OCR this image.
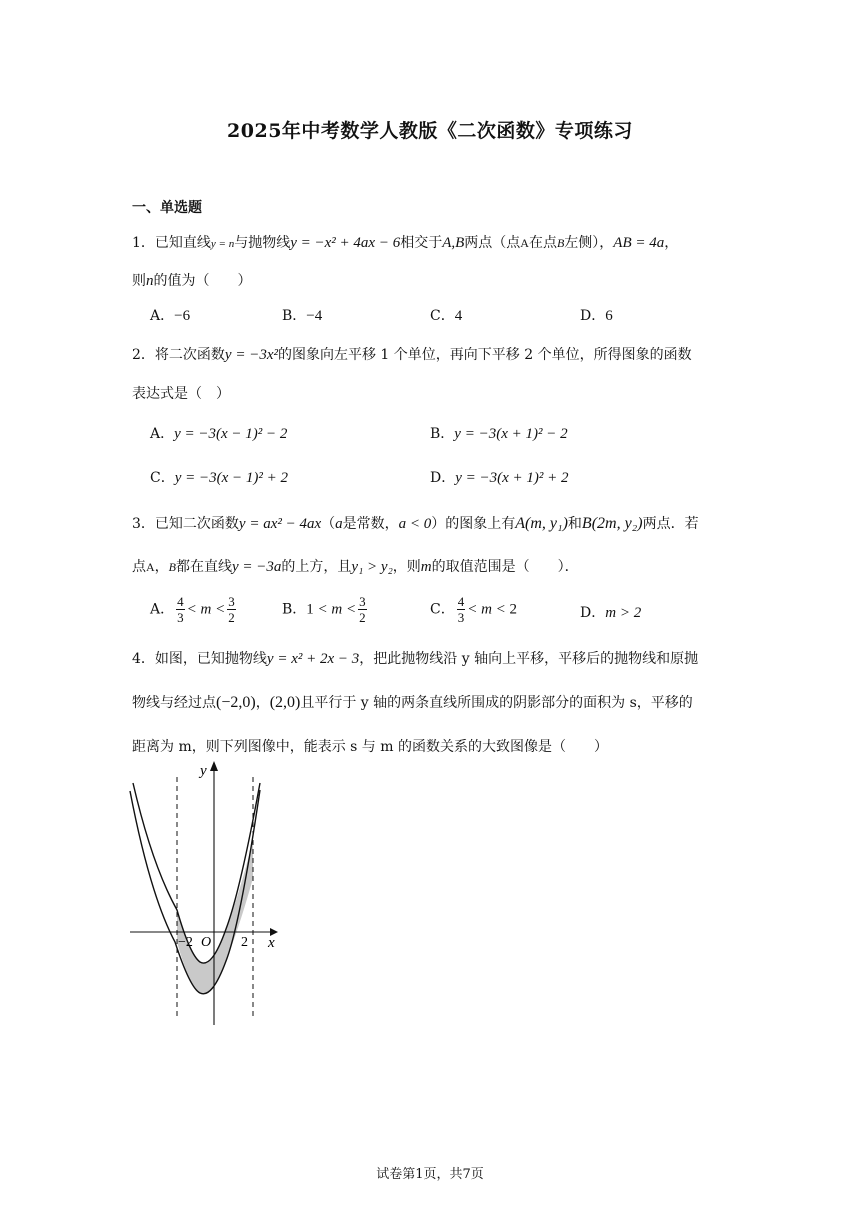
2025年中考数学人教版《二次函数》专项练习
一、单选题
1．已知直线y = n与抛物线y = −x² + 4ax − 6相交于A,B两点（点A在点B左侧），AB = 4a，
则n的值为（　　）
A．−6	B．−4	C．4	D．6
2．将二次函数y = −3x²的图象向左平移 1 个单位，再向下平移 2 个单位，所得图象的函数
表达式是（　）
A．y = −3(x − 1)² − 2	B．y = −3(x + 1)² − 2
C．y = −3(x − 1)² + 2	D．y = −3(x + 1)² + 2
3．已知二次函数y = ax² − 4ax（a是常数，a < 0）的图象上有A(m, y₁)和B(2m, y₂)两点．若
点A，B都在直线y = −3a的上方，且y₁ > y₂，则m的取值范围是（　　）．
A． $\frac{4}{3} < m < \frac{3}{2}$	B．$1 < m < \frac{3}{2}$	C． $\frac{4}{3} < m < 2$	D．m > 2
4．如图，已知抛物线y = x² + 2x − 3，把此抛物线沿 y 轴向上平移，平移后的抛物线和原抛
物线与经过点(−2,0)，(2,0)且平行于 y 轴的两条直线所围成的阴影部分的面积为 s，平移的
距离为 m，则下列图像中，能表示 s 与 m 的函数关系的大致图像是（　　）
y
x
O
−2	2
试卷第1页，共7页
